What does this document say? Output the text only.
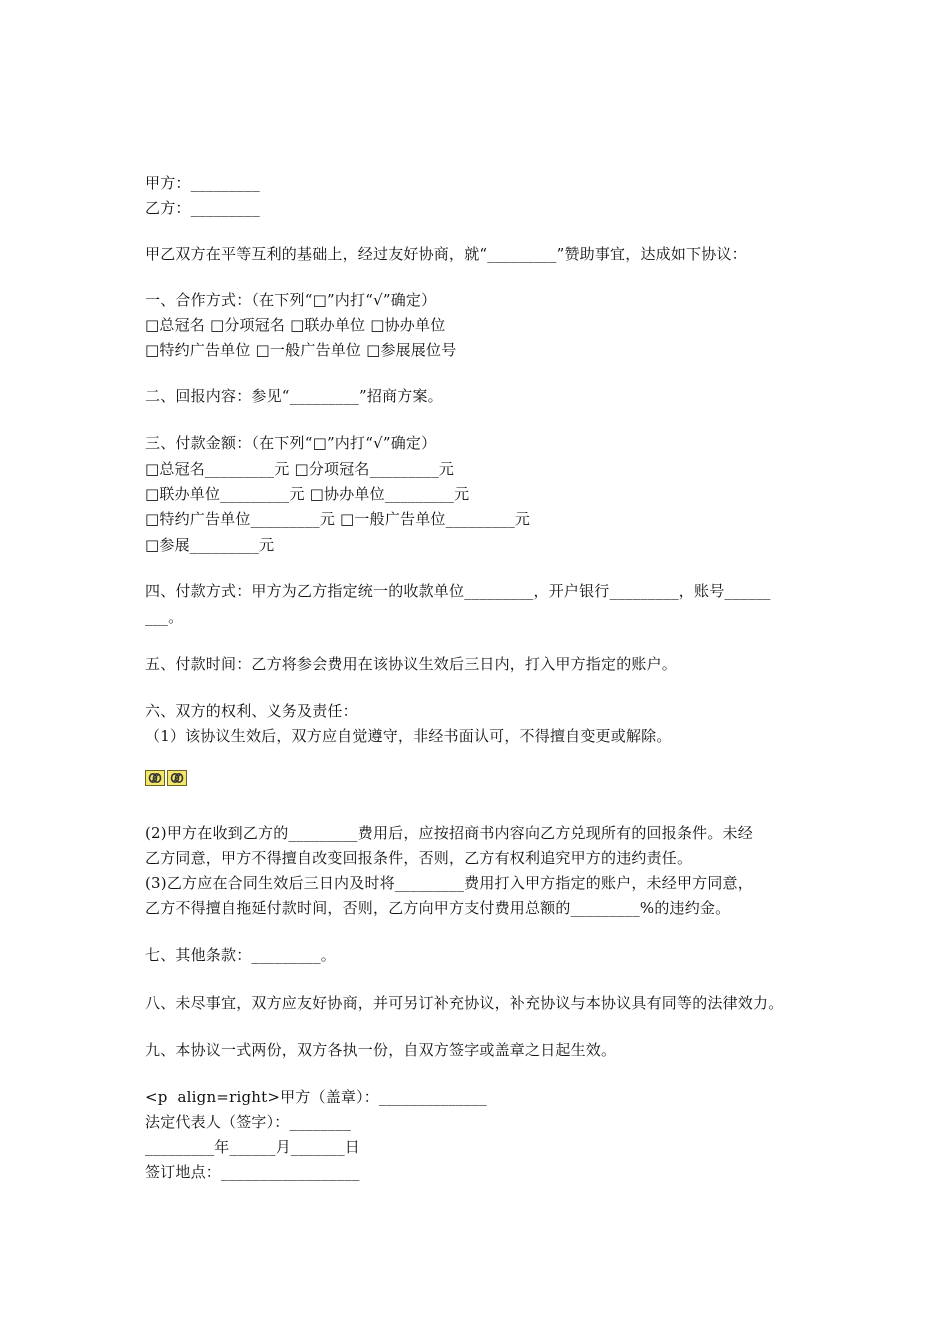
甲方：_________
乙方：_________
甲乙双方在平等互利的基础上，经过友好协商，就“_________”赞助事宜，达成如下协议：
一、合作方式：（在下列“□”内打“√”确定）
□总冠名 □分项冠名 □联办单位 □协办单位
□特约广告单位 □一般广告单位 □参展展位号
二、回报内容：参见“_________”招商方案。
三、付款金额：（在下列“□”内打“√”确定）
□总冠名_________元 □分项冠名_________元
□联办单位_________元 □协办单位_________元
□特约广告单位_________元 □一般广告单位_________元
□参展_________元
四、付款方式：甲方为乙方指定统一的收款单位_________，开户银行_________，账号______
___。
五、付款时间：乙方将参会费用在该协议生效后三日内，打入甲方指定的账户。
六、双方的权利、义务及责任：
（1）该协议生效后，双方应自觉遵守，非经书面认可，不得擅自变更或解除。
(2)甲方在收到乙方的_________费用后，应按招商书内容向乙方兑现所有的回报条件。未经
乙方同意，甲方不得擅自改变回报条件，否则，乙方有权利追究甲方的违约责任。
(3)乙方应在合同生效后三日内及时将_________费用打入甲方指定的账户，未经甲方同意，
乙方不得擅自拖延付款时间，否则，乙方向甲方支付费用总额的_________%的违约金。
七、其他条款：_________。
八、未尽事宜，双方应友好协商，并可另订补充协议，补充协议与本协议具有同等的法律效力。
九、本协议一式两份，双方各执一份，自双方签字或盖章之日起生效。
<p  align=right>甲方（盖章）：______________
法定代表人（签字）：________
_________年______月_______日
签订地点：__________________
